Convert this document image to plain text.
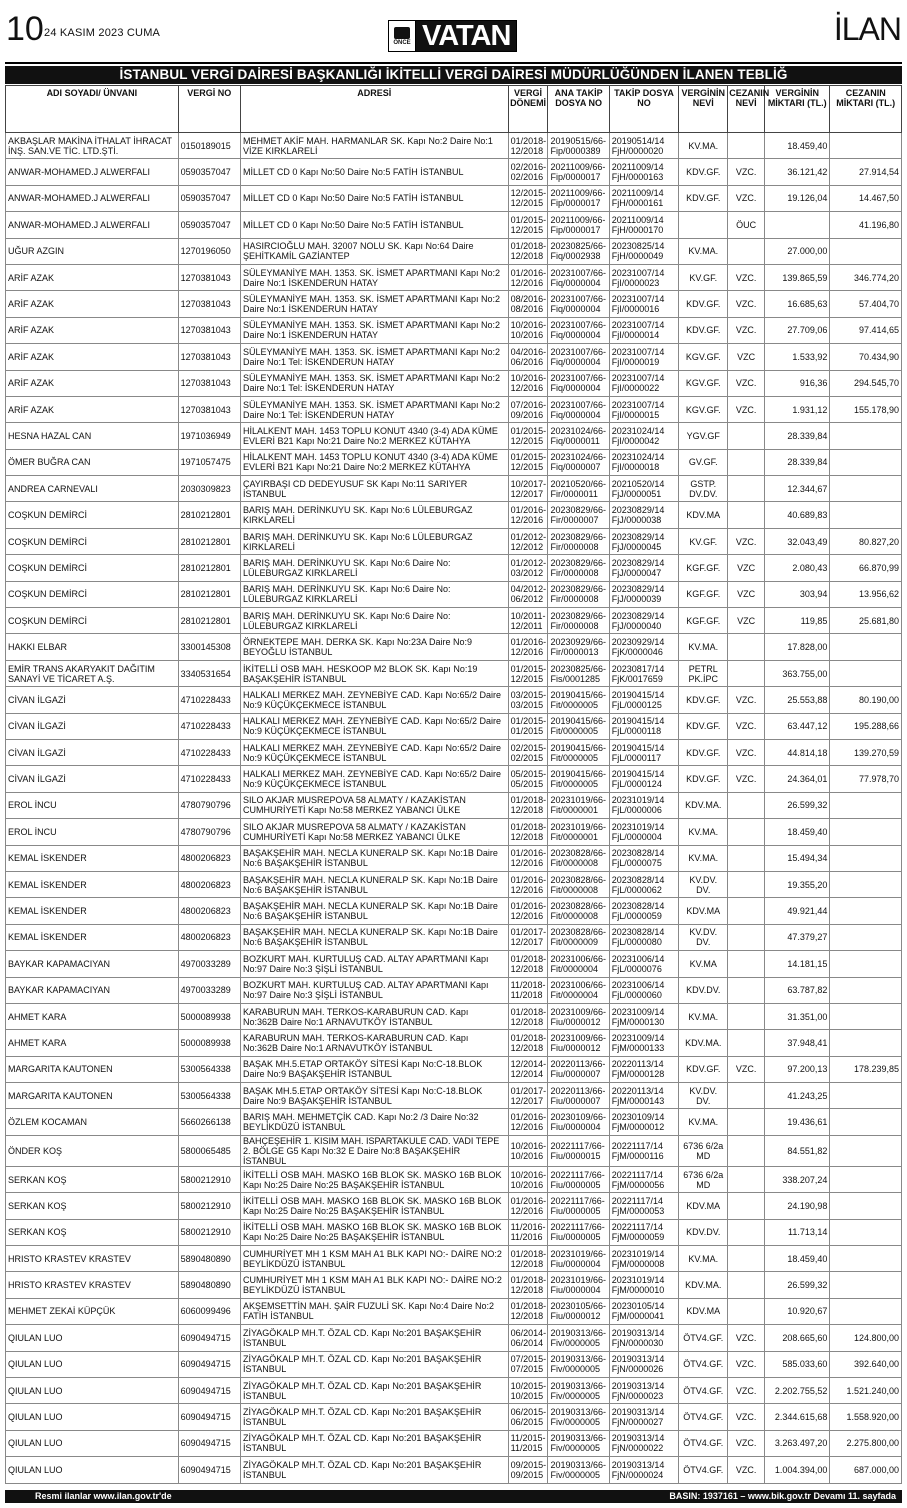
10 24 KASIM 2023 CUMA
ÖNCE VATAN	İLAN
İSTANBUL VERGİ DAİRESİ BAŞKANLIĞI İKİTELLİ VERGİ DAİRESİ MÜDÜRLÜĞÜNDEN İLANEN TEBLİĞ
ADI SOYADI/ ÜNVANI	VERGİ NO	ADRESİ	VERGİ DÖNEMİ	ANA TAKİP DOSYA NO	TAKİP DOSYA NO	VERGİNİN NEVİ	CEZANIN NEVİ	VERGİNİN MİKTARI (TL.)	CEZANIN MİKTARI (TL.)
AKBAŞLAR MAKİNA İTHALAT İHRACAT İNŞ. SAN.VE TİC. LTD.ŞTİ.	0150189015	MEHMET AKİF MAH. HARMANLAR SK. Kapı No:2 Daire No:1 VİZE KIRKLARELİ	01/2018-12/2018	20190515/66-Fip/0000389	20190514/14 FjH/0000020	KV.MA.		18.459,40	
ANWAR-MOHAMED.J ALWERFALI	0590357047	MİLLET CD 0 Kapı No:50 Daire No:5 FATİH İSTANBUL	02/2016-02/2016	20211009/66-Fip/0000017	20211009/14 FjH/0000163	KDV.GF.	VZC.	36.121,42	27.914,54
ANWAR-MOHAMED.J ALWERFALI	0590357047	MİLLET CD 0 Kapı No:50 Daire No:5 FATİH İSTANBUL	12/2015-12/2015	20211009/66-Fip/0000017	20211009/14 FjH/0000161	KDV.GF.	VZC.	19.126,04	14.467,50
ANWAR-MOHAMED.J ALWERFALI	0590357047	MİLLET CD 0 Kapı No:50 Daire No:5 FATİH İSTANBUL	01/2015-12/2015	20211009/66-Fip/0000017	20211009/14 FjH/0000170		ÖUC		41.196,80
UĞUR AZGIN	1270196050	HASIRCIOĞLU MAH. 32007 NOLU SK. Kapı No:64 Daire ŞEHİTKAMİL GAZİANTEP	01/2018-12/2018	20230825/66-Fiq/0002938	20230825/14 FjH/0000049	KV.MA.		27.000,00	
ARİF AZAK	1270381043	SÜLEYMANİYE MAH. 1353. SK. İSMET APARTMANI Kapı No:2 Daire No:1 İSKENDERUN HATAY	01/2016-12/2016	20231007/66-Fiq/0000004	20231007/14 FjI/0000023	KV.GF.	VZC.	139.865,59	346.774,20
ARİF AZAK	1270381043	SÜLEYMANİYE MAH. 1353. SK. İSMET APARTMANI Kapı No:2 Daire No:1 İSKENDERUN HATAY	08/2016-08/2016	20231007/66-Fiq/0000004	20231007/14 FjI/0000016	KDV.GF.	VZC.	16.685,63	57.404,70
ARİF AZAK	1270381043	SÜLEYMANİYE MAH. 1353. SK. İSMET APARTMANI Kapı No:2 Daire No:1 İSKENDERUN HATAY	10/2016-10/2016	20231007/66-Fiq/0000004	20231007/14 FjI/0000014	KDV.GF.	VZC.	27.709,06	97.414,65
ARİF AZAK	1270381043	SÜLEYMANİYE MAH. 1353. SK. İSMET APARTMANI Kapı No:2 Daire No:1 Tel: İSKENDERUN HATAY	04/2016-06/2016	20231007/66-Fiq/0000004	20231007/14 FjI/0000019	KGV.GF.	VZC	1.533,92	70.434,90
ARİF AZAK	1270381043	SÜLEYMANİYE MAH. 1353. SK. İSMET APARTMANI Kapı No:2 Daire No:1 Tel: İSKENDERUN HATAY	10/2016-12/2016	20231007/66-Fiq/0000004	20231007/14 FjI/0000022	KGV.GF.	VZC.	916,36	294.545,70
ARİF AZAK	1270381043	SÜLEYMANİYE MAH. 1353. SK. İSMET APARTMANI Kapı No:2 Daire No:1 Tel: İSKENDERUN HATAY	07/2016-09/2016	20231007/66-Fiq/0000004	20231007/14 FjI/0000015	KGV.GF.	VZC.	1.931,12	155.178,90
HESNA HAZAL CAN	1971036949	HİLALKENT MAH. 1453 TOPLU KONUT 4340 (3-4) ADA KÜME EVLERİ B21 Kapı No:21 Daire No:2 MERKEZ KÜTAHYA	01/2015-12/2015	20231024/66-Fiq/0000011	20231024/14 FjI/0000042	YGV.GF		28.339,84	
ÖMER BUĞRA CAN	1971057475	HİLALKENT MAH. 1453 TOPLU KONUT 4340 (3-4) ADA KÜME EVLERİ B21 Kapı No:21 Daire No:2 MERKEZ KÜTAHYA	01/2015-12/2015	20231024/66-Fiq/0000007	20231024/14 FjI/0000018	GV.GF.		28.339,84	
ANDREA CARNEVALI	2030309823	ÇAYIRBAŞI CD DEDEYUSUF SK Kapı No:11 SARIYER İSTANBUL	10/2017-12/2017	20210520/66-Fir/0000011	20210520/14 FjJ/0000051	GSTP. DV.DV.		12.344,67	
COŞKUN DEMİRCİ	2810212801	BARIŞ MAH. DERİNKUYU SK. Kapı No:6 LÜLEBURGAZ KIRKLARELİ	01/2016-12/2016	20230829/66-Fir/0000007	20230829/14 FjJ/0000038	KDV.MA		40.689,83	
COŞKUN DEMİRCİ	2810212801	BARIŞ MAH. DERİNKUYU SK. Kapı No:6 LÜLEBURGAZ KIRKLARELİ	01/2012-12/2012	20230829/66-Fir/0000008	20230829/14 FjJ/0000045	KV.GF.	VZC.	32.043,49	80.827,20
COŞKUN DEMİRCİ	2810212801	BARIŞ MAH. DERİNKUYU SK. Kapı No:6 Daire No: LÜLEBURGAZ KIRKLARELİ	01/2012-03/2012	20230829/66-Fir/0000008	20230829/14 FjJ/0000047	KGF.GF.	VZC	2.080,43	66.870,99
COŞKUN DEMİRCİ	2810212801	BARIŞ MAH. DERİNKUYU SK. Kapı No:6 Daire No: LÜLEBURGAZ KIRKLARELİ	04/2012-06/2012	20230829/66-Fir/0000008	20230829/14 FjJ/0000039	KGF.GF.	VZC	303,94	13.956,62
COŞKUN DEMİRCİ	2810212801	BARIŞ MAH. DERİNKUYU SK. Kapı No:6 Daire No: LÜLEBURGAZ KIRKLARELİ	10/2011-12/2011	20230829/66-Fir/0000008	20230829/14 FjJ/0000040	KGF.GF.	VZC	119,85	25.681,80
HAKKI ELBAR	3300145308	ÖRNEKTEPE MAH. DERKA SK. Kapı No:23A Daire No:9 BEYOĞLU İSTANBUL	01/2016-12/2016	20230929/66-Fir/0000013	20230929/14 FjK/0000046	KV.MA.		17.828,00	
EMİR TRANS AKARYAKIT DAĞITIM SANAYİ VE TİCARET A.Ş.	3340531654	İKİTELLİ OSB MAH. HESKOOP M2 BLOK SK. Kapı No:19 BAŞAKŞEHİR İSTANBUL	01/2015-12/2015	20230825/66-Fis/0001285	20230817/14 FjK/0017659	PETRL PK.İPC		363.755,00	
CİVAN İLGAZİ	4710228433	HALKALI MERKEZ MAH. ZEYNEBİYE CAD. Kapı No:65/2 Daire No:9 KÜÇÜKÇEKMECE İSTANBUL	03/2015-03/2015	20190415/66-Fit/0000005	20190415/14 FjL/0000125	KDV.GF.	VZC.	25.553,88	80.190,00
CİVAN İLGAZİ	4710228433	HALKALI MERKEZ MAH. ZEYNEBİYE CAD. Kapı No:65/2 Daire No:9 KÜÇÜKÇEKMECE İSTANBUL	01/2015-01/2015	20190415/66-Fit/0000005	20190415/14 FjL/0000118	KDV.GF.	VZC.	63.447,12	195.288,66
CİVAN İLGAZİ	4710228433	HALKALI MERKEZ MAH. ZEYNEBİYE CAD. Kapı No:65/2 Daire No:9 KÜÇÜKÇEKMECE İSTANBUL	02/2015-02/2015	20190415/66-Fit/0000005	20190415/14 FjL/0000117	KDV.GF.	VZC.	44.814,18	139.270,59
CİVAN İLGAZİ	4710228433	HALKALI MERKEZ MAH. ZEYNEBİYE CAD. Kapı No:65/2 Daire No:9 KÜÇÜKÇEKMECE İSTANBUL	05/2015-05/2015	20190415/66-Fit/0000005	20190415/14 FjL/0000124	KDV.GF.	VZC.	24.364,01	77.978,70
EROL İNCU	4780790796	SILO AKJAR MUSREPOVA 58 ALMATY / KAZAKİSTAN CUMHURİYETİ Kapı No:58 MERKEZ YABANCI ÜLKE	01/2018-12/2018	20231019/66-Fit/0000001	20231019/14 FjL/0000006	KDV.MA.		26.599,32	
EROL İNCU	4780790796	SILO AKJAR MUSREPOVA 58 ALMATY / KAZAKİSTAN CUMHURİYETİ Kapı No:58 MERKEZ YABANCI ÜLKE	01/2018-12/2018	20231019/66-Fit/0000001	20231019/14 FjL/0000004	KV.MA.		18.459,40	
KEMAL İSKENDER	4800206823	BAŞAKŞEHİR MAH. NECLA KUNERALP SK. Kapı No:1B Daire No:6 BAŞAKŞEHİR İSTANBUL	01/2016-12/2016	20230828/66-Fit/0000008	20230828/14 FjL/0000075	KV.MA.		15.494,34	
KEMAL İSKENDER	4800206823	BAŞAKŞEHİR MAH. NECLA KUNERALP SK. Kapı No:1B Daire No:6 BAŞAKŞEHİR İSTANBUL	01/2016-12/2016	20230828/66-Fit/0000008	20230828/14 FjL/0000062	KV.DV. DV.		19.355,20	
KEMAL İSKENDER	4800206823	BAŞAKŞEHİR MAH. NECLA KUNERALP SK. Kapı No:1B Daire No:6 BAŞAKŞEHİR İSTANBUL	01/2016-12/2016	20230828/66-Fit/0000008	20230828/14 FjL/0000059	KDV.MA		49.921,44	
KEMAL İSKENDER	4800206823	BAŞAKŞEHİR MAH. NECLA KUNERALP SK. Kapı No:1B Daire No:6 BAŞAKŞEHİR İSTANBUL	01/2017-12/2017	20230828/66-Fit/0000009	20230828/14 FjL/0000080	KV.DV. DV.		47.379,27	
BAYKAR KAPAMACIYAN	4970033289	BOZKURT MAH. KURTULUŞ CAD. ALTAY APARTMANI Kapı No:97 Daire No:3 ŞİŞLİ İSTANBUL	01/2018-12/2018	20231006/66-Fit/0000004	20231006/14 FjL/0000076	KV.MA		14.181,15	
BAYKAR KAPAMACIYAN	4970033289	BOZKURT MAH. KURTULUŞ CAD. ALTAY APARTMANI Kapı No:97 Daire No:3 ŞİŞLİ İSTANBUL	11/2018-11/2018	20231006/66-Fit/0000004	20231006/14 FjL/0000060	KDV.DV.		63.787,82	
AHMET KARA	5000089938	KARABURUN MAH. TERKOS-KARABURUN CAD. Kapı No:362B Daire No:1 ARNAVUTKÖY İSTANBUL	01/2018-12/2018	20231009/66-Fiu/0000012	20231009/14 FjM/0000130	KV.MA.		31.351,00	
AHMET KARA	5000089938	KARABURUN MAH. TERKOS-KARABURUN CAD. Kapı No:362B Daire No:1 ARNAVUTKÖY İSTANBUL	01/2018-12/2018	20231009/66-Fiu/0000012	20231009/14 FjM/0000133	KDV.MA.		37.948,41	
MARGARITA KAUTONEN	5300564338	BAŞAK MH.5.ETAP ORTAKÖY SİTESİ Kapı No:C-18.BLOK Daire No:9 BAŞAKŞEHİR İSTANBUL	12/2014-12/2014	20220113/66-Fiu/0000007	20220113/14 FjM/0000128	KDV.GF.	VZC.	97.200,13	178.239,85
MARGARITA KAUTONEN	5300564338	BAŞAK MH.5.ETAP ORTAKÖY SİTESİ Kapı No:C-18.BLOK Daire No:9 BAŞAKŞEHİR İSTANBUL	01/2017-12/2017	20220113/66-Fiu/0000007	20220113/14 FjM/0000143	KV.DV. DV.		41.243,25	
ÖZLEM KOCAMAN	5660266138	BARIŞ MAH. MEHMETÇİK CAD. Kapı No:2 /3 Daire No:32 BEYLİKDÜZÜ İSTANBUL	01/2016-12/2016	20230109/66-Fiu/0000004	20230109/14 FjM/0000012	KV.MA.		19.436,61	
ÖNDER KOŞ	5800065485	BAHÇEŞEHİR 1. KISIM MAH. ISPARTAKULE CAD. VADI TEPE 2. BÖLGE G5 Kapı No:32 E Daire No:8 BAŞAKŞEHİR İSTANBUL	10/2016-10/2016	20221117/66-Fiu/0000015	20221117/14 FjM/0000116	6736 6/2a MD		84.551,82	
SERKAN KOŞ	5800212910	İKİTELLİ OSB MAH. MASKO 16B BLOK SK. MASKO 16B BLOK Kapı No:25 Daire No:25 BAŞAKŞEHİR İSTANBUL	10/2016-10/2016	20221117/66-Fiu/0000005	20221117/14 FjM/0000056	6736 6/2a MD		338.207,24	
SERKAN KOŞ	5800212910	İKİTELLİ OSB MAH. MASKO 16B BLOK SK. MASKO 16B BLOK Kapı No:25 Daire No:25 BAŞAKŞEHİR İSTANBUL	01/2016-12/2016	20221117/66-Fiu/0000005	20221117/14 FjM/0000053	KDV.MA		24.190,98	
SERKAN KOŞ	5800212910	İKİTELLİ OSB MAH. MASKO 16B BLOK SK. MASKO 16B BLOK Kapı No:25 Daire No:25 BAŞAKŞEHİR İSTANBUL	11/2016-11/2016	20221117/66-Fiu/0000005	20221117/14 FjM/0000059	KDV.DV.		11.713,14	
HRISTO KRASTEV KRASTEV	5890480890	CUMHURİYET MH 1 KSM MAH A1 BLK KAPI NO:- DAİRE NO:2 BEYLİKDÜZÜ İSTANBUL	01/2018-12/2018	20231019/66-Fiu/0000004	20231019/14 FjM/0000008	KV.MA.		18.459,40	
HRISTO KRASTEV KRASTEV	5890480890	CUMHURİYET MH 1 KSM MAH A1 BLK KAPI NO:- DAİRE NO:2 BEYLİKDÜZÜ İSTANBUL	01/2018-12/2018	20231019/66-Fiu/0000004	20231019/14 FjM/0000010	KDV.MA.		26.599,32	
MEHMET ZEKAİ KÜPÇÜK	6060099496	AKŞEMSETTİN MAH. ŞAİR FUZULİ SK. Kapı No:4 Daire No:2 FATİH İSTANBUL	01/2018-12/2018	20230105/66-Fiu/0000012	20230105/14 FjM/0000041	KDV.MA		10.920,67	
QIULAN LUO	6090494715	ZİYAGÖKALP MH.T. ÖZAL CD. Kapı No:201 BAŞAKŞEHİR İSTANBUL	06/2014-06/2014	20190313/66-Fiv/0000005	20190313/14 FjN/0000030	ÖTV4.GF.	VZC.	208.665,60	124.800,00
QIULAN LUO	6090494715	ZİYAGÖKALP MH.T. ÖZAL CD. Kapı No:201 BAŞAKŞEHİR İSTANBUL	07/2015-07/2015	20190313/66-Fiv/0000005	20190313/14 FjN/0000026	ÖTV4.GF.	VZC.	585.033,60	392.640,00
QIULAN LUO	6090494715	ZİYAGÖKALP MH.T. ÖZAL CD. Kapı No:201 BAŞAKŞEHİR İSTANBUL	10/2015-10/2015	20190313/66-Fiv/0000005	20190313/14 FjN/0000023	ÖTV4.GF.	VZC.	2.202.755,52	1.521.240,00
QIULAN LUO	6090494715	ZİYAGÖKALP MH.T. ÖZAL CD. Kapı No:201 BAŞAKŞEHİR İSTANBUL	06/2015-06/2015	20190313/66-Fiv/0000005	20190313/14 FjN/0000027	ÖTV4.GF.	VZC.	2.344.615,68	1.558.920,00
QIULAN LUO	6090494715	ZİYAGÖKALP MH.T. ÖZAL CD. Kapı No:201 BAŞAKŞEHİR İSTANBUL	11/2015-11/2015	20190313/66-Fiv/0000005	20190313/14 FjN/0000022	ÖTV4.GF.	VZC.	3.263.497,20	2.275.800,00
QIULAN LUO	6090494715	ZİYAGÖKALP MH.T. ÖZAL CD. Kapı No:201 BAŞAKŞEHİR İSTANBUL	09/2015-09/2015	20190313/66-Fiv/0000005	20190313/14 FjN/0000024	ÖTV4.GF.	VZC.	1.004.394,00	687.000,00
Resmi ilanlar www.ilan.gov.tr'de	BASIN: 1937161 – www.bik.gov.tr Devamı 11. sayfada
